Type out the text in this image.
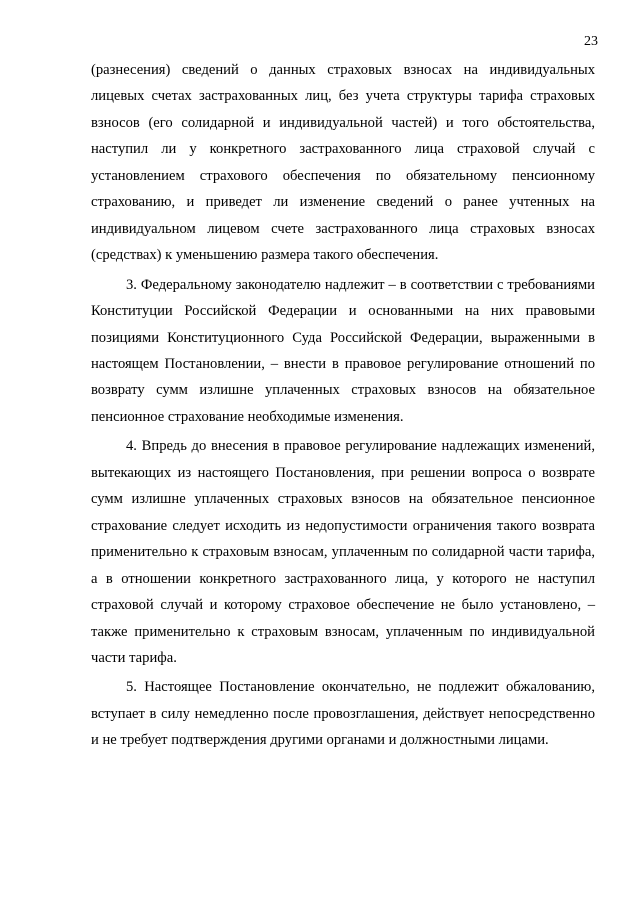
23

(разнесения) сведений о данных страховых взносах на индивидуальных лицевых счетах застрахованных лиц, без учета структуры тарифа страховых взносов (его солидарной и индивидуальной частей) и того обстоятельства, наступил ли у конкретного застрахованного лица страховой случай с установлением страхового обеспечения по обязательному пенсионному страхованию, и приведет ли изменение сведений о ранее учтенных на индивидуальном лицевом счете застрахованного лица страховых взносах (средствах) к уменьшению размера такого обеспечения.

3. Федеральному законодателю надлежит – в соответствии с требованиями Конституции Российской Федерации и основанными на них правовыми позициями Конституционного Суда Российской Федерации, выраженными в настоящем Постановлении, – внести в правовое регулирование отношений по возврату сумм излишне уплаченных страховых взносов на обязательное пенсионное страхование необходимые изменения.

4. Впредь до внесения в правовое регулирование надлежащих изменений, вытекающих из настоящего Постановления, при решении вопроса о возврате сумм излишне уплаченных страховых взносов на обязательное пенсионное страхование следует исходить из недопустимости ограничения такого возврата применительно к страховым взносам, уплаченным по солидарной части тарифа, а в отношении конкретного застрахованного лица, у которого не наступил страховой случай и которому страховое обеспечение не было установлено, – также применительно к страховым взносам, уплаченным по индивидуальной части тарифа.

5. Настоящее Постановление окончательно, не подлежит обжалованию, вступает в силу немедленно после провозглашения, действует непосредственно и не требует подтверждения другими органами и должностными лицами.
